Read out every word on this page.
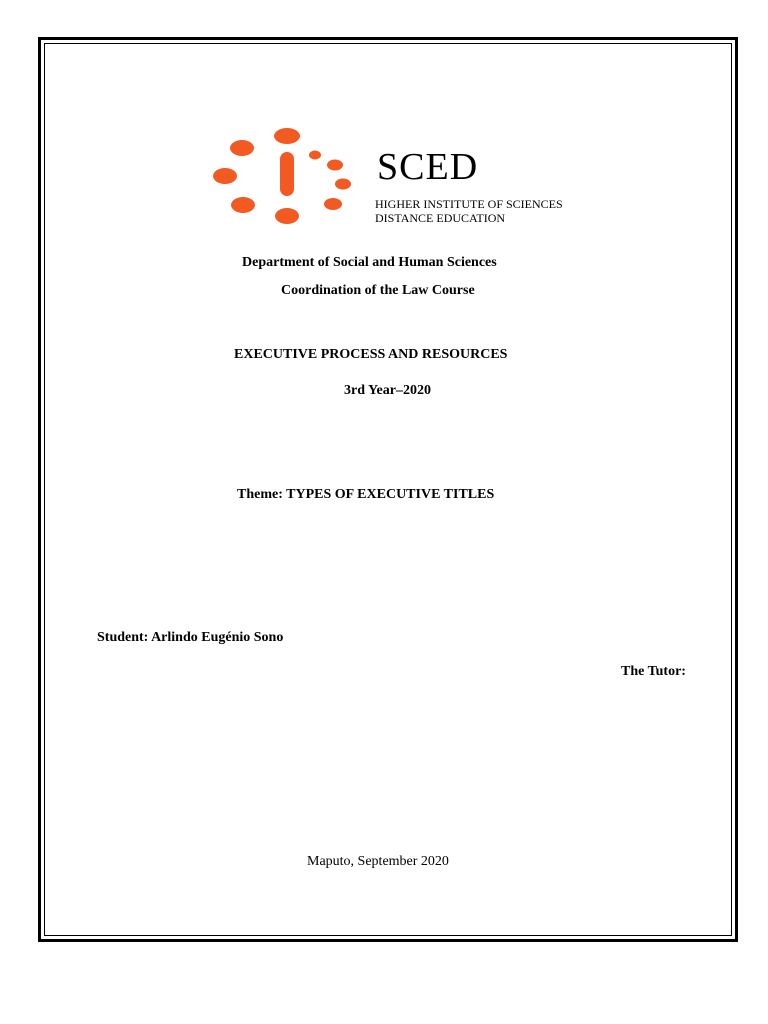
SCED
HIGHER INSTITUTE OF SCIENCES
DISTANCE EDUCATION
Department of Social and Human Sciences
Coordination of the Law Course
EXECUTIVE PROCESS AND RESOURCES
3rd Year–2020
Theme: TYPES OF EXECUTIVE TITLES
Student: Arlindo Eugénio Sono
The Tutor:
Maputo, September 2020
